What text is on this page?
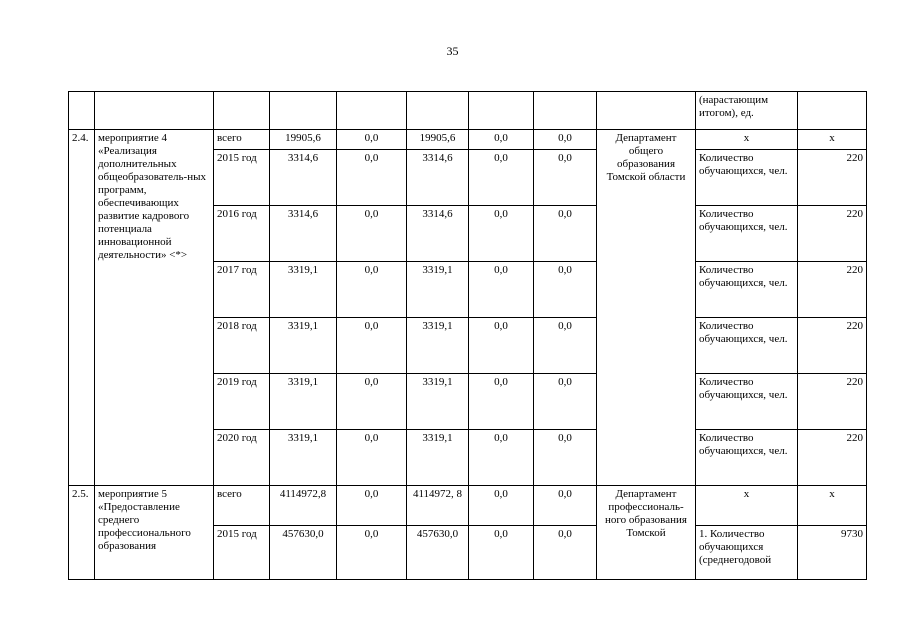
35
									(нарастающим итогом), ед.	
2.4.	мероприятие 4 «Реализация дополнительных общеобразователь-ных программ, обеспечивающих развитие кадрового потенциала инновационной деятельности» <*>	всего	19905,6	0,0	19905,6	0,0	0,0	Департамент общего образования Томской области	х	х
		2015 год	3314,6	0,0	3314,6	0,0	0,0		Количество обучающихся, чел.	220
		2016 год	3314,6	0,0	3314,6	0,0	0,0		Количество обучающихся, чел.	220
		2017 год	3319,1	0,0	3319,1	0,0	0,0		Количество обучающихся, чел.	220
		2018 год	3319,1	0,0	3319,1	0,0	0,0		Количество обучающихся, чел.	220
		2019 год	3319,1	0,0	3319,1	0,0	0,0		Количество обучающихся, чел.	220
		2020 год	3319,1	0,0	3319,1	0,0	0,0		Количество обучающихся, чел.	220
2.5.	мероприятие 5 «Предоставление среднего профессионального образования	всего	4114972,8	0,0	4114972, 8	0,0	0,0	Департамент профессиональ-ного образования Томской	х	х
		2015 год	457630,0	0,0	457630,0	0,0	0,0		1. Количество обучающихся (среднегодовой	9730
